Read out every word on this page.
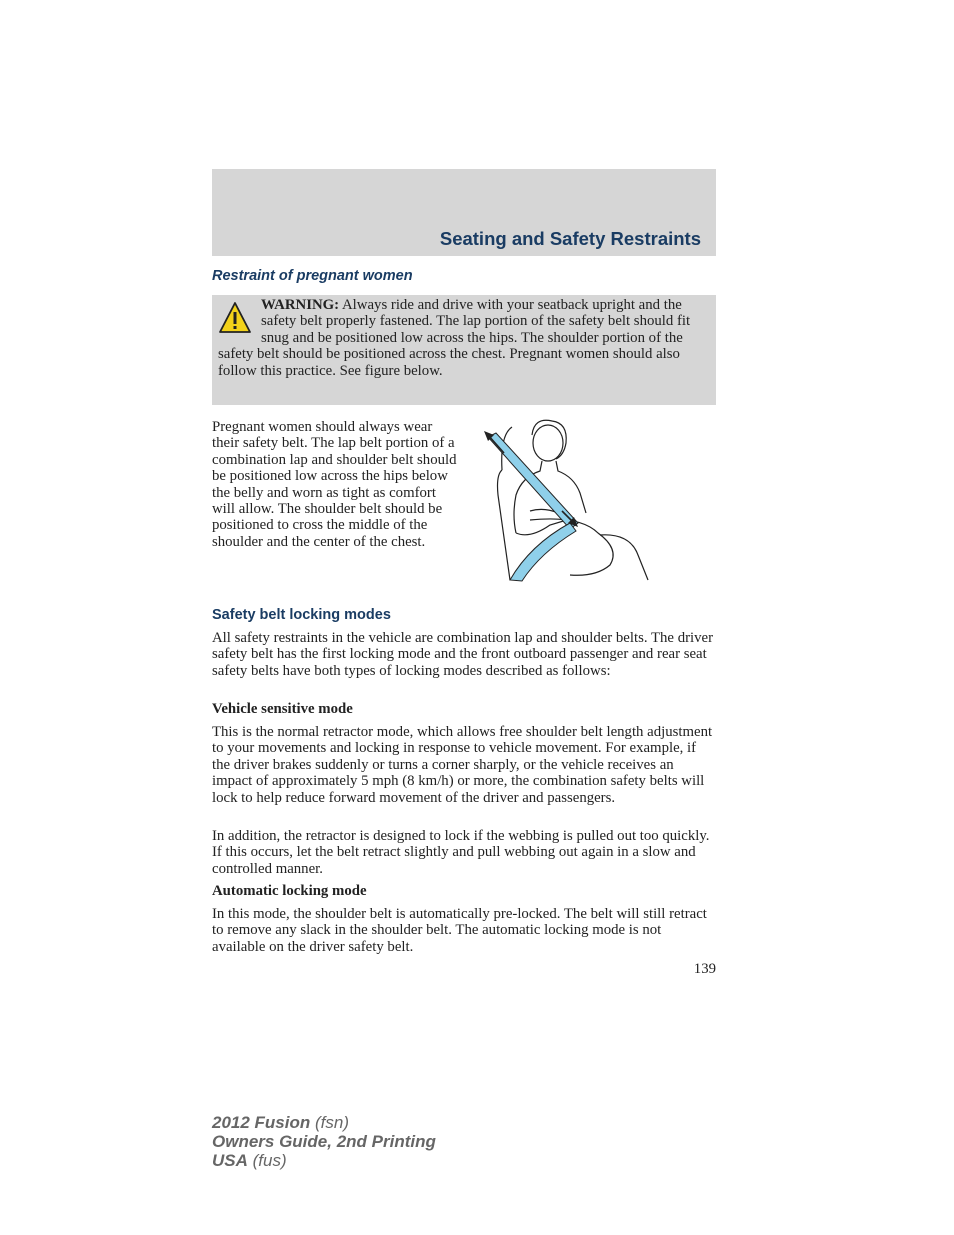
Seating and Safety Restraints
Restraint of pregnant women
WARNING: Always ride and drive with your seatback upright and the safety belt properly fastened. The lap portion of the safety belt should fit snug and be positioned low across the hips. The shoulder portion of the safety belt should be positioned across the chest. Pregnant women should also follow this practice. See figure below.
Pregnant women should always wear their safety belt. The lap belt portion of a combination lap and shoulder belt should be positioned low across the hips below the belly and worn as tight as comfort will allow. The shoulder belt should be positioned to cross the middle of the shoulder and the center of the chest.
Safety belt locking modes
All safety restraints in the vehicle are combination lap and shoulder belts. The driver safety belt has the first locking mode and the front outboard passenger and rear seat safety belts have both types of locking modes described as follows:
Vehicle sensitive mode
This is the normal retractor mode, which allows free shoulder belt length adjustment to your movements and locking in response to vehicle movement. For example, if the driver brakes suddenly or turns a corner sharply, or the vehicle receives an impact of approximately 5 mph (8 km/h) or more, the combination safety belts will lock to help reduce forward movement of the driver and passengers.
In addition, the retractor is designed to lock if the webbing is pulled out too quickly. If this occurs, let the belt retract slightly and pull webbing out again in a slow and controlled manner.
Automatic locking mode
In this mode, the shoulder belt is automatically pre-locked. The belt will still retract to remove any slack in the shoulder belt. The automatic locking mode is not available on the driver safety belt.
139
2012 Fusion (fsn)
Owners Guide, 2nd Printing
USA (fus)
